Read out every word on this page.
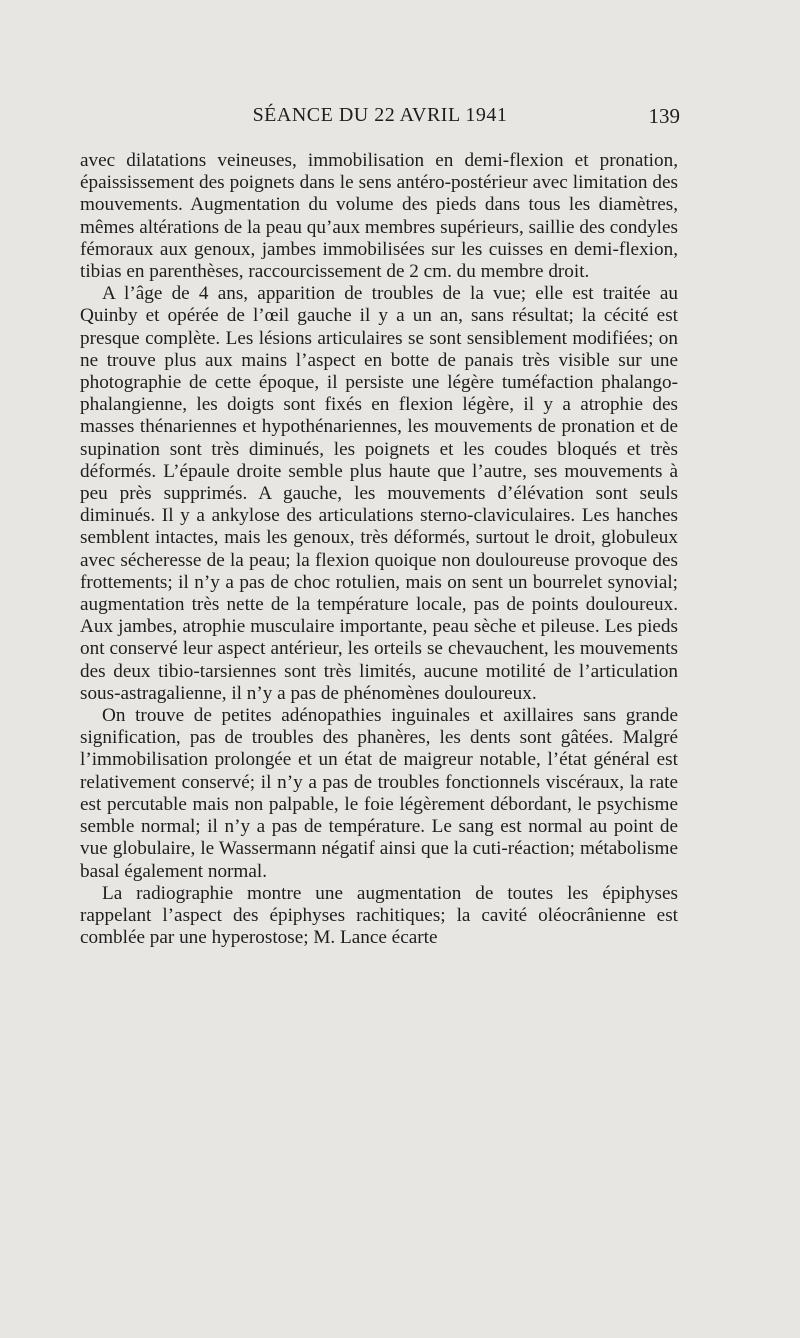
SÉANCE DU 22 AVRIL 1941	139

avec dilatations veineuses, immobilisation en demi-flexion et pronation, épaississement des poignets dans le sens antéro-postérieur avec limitation des mouvements. Augmentation du volume des pieds dans tous les diamètres, mêmes altérations de la peau qu’aux membres supérieurs, saillie des condyles fémoraux aux genoux, jambes immobilisées sur les cuisses en demi-flexion, tibias en parenthèses, raccourcissement de 2 cm. du membre droit.

A l’âge de 4 ans, apparition de troubles de la vue; elle est traitée au Quinby et opérée de l’œil gauche il y a un an, sans résultat; la cécité est presque complète. Les lésions articulaires se sont sensiblement modifiées; on ne trouve plus aux mains l’aspect en botte de panais très visible sur une photographie de cette époque, il persiste une légère tuméfaction phalango-phalangienne, les doigts sont fixés en flexion légère, il y a atrophie des masses thénariennes et hypothénariennes, les mouvements de pronation et de supination sont très diminués, les poignets et les coudes bloqués et très déformés. L’épaule droite semble plus haute que l’autre, ses mouvements à peu près supprimés. A gauche, les mouvements d’élévation sont seuls diminués. Il y a ankylose des articulations sterno-claviculaires. Les hanches semblent intactes, mais les genoux, très déformés, surtout le droit, globuleux avec sécheresse de la peau; la flexion quoique non douloureuse provoque des frottements; il n’y a pas de choc rotulien, mais on sent un bourrelet synovial; augmentation très nette de la température locale, pas de points douloureux. Aux jambes, atrophie musculaire importante, peau sèche et pileuse. Les pieds ont conservé leur aspect antérieur, les orteils se chevauchent, les mouvements des deux tibio-tarsiennes sont très limités, aucune motilité de l’articulation sous-astragalienne, il n’y a pas de phénomènes douloureux.

On trouve de petites adénopathies inguinales et axillaires sans grande signification, pas de troubles des phanères, les dents sont gâtées. Malgré l’immobilisation prolongée et un état de maigreur notable, l’état général est relativement conservé; il n’y a pas de troubles fonctionnels viscéraux, la rate est percutable mais non palpable, le foie légèrement débordant, le psychisme semble normal; il n’y a pas de température. Le sang est normal au point de vue globulaire, le Wassermann négatif ainsi que la cuti-réaction; métabolisme basal également normal.

La radiographie montre une augmentation de toutes les épiphyses rappelant l’aspect des épiphyses rachitiques; la cavité oléocrânienne est comblée par une hyperostose; M. Lance écarte
